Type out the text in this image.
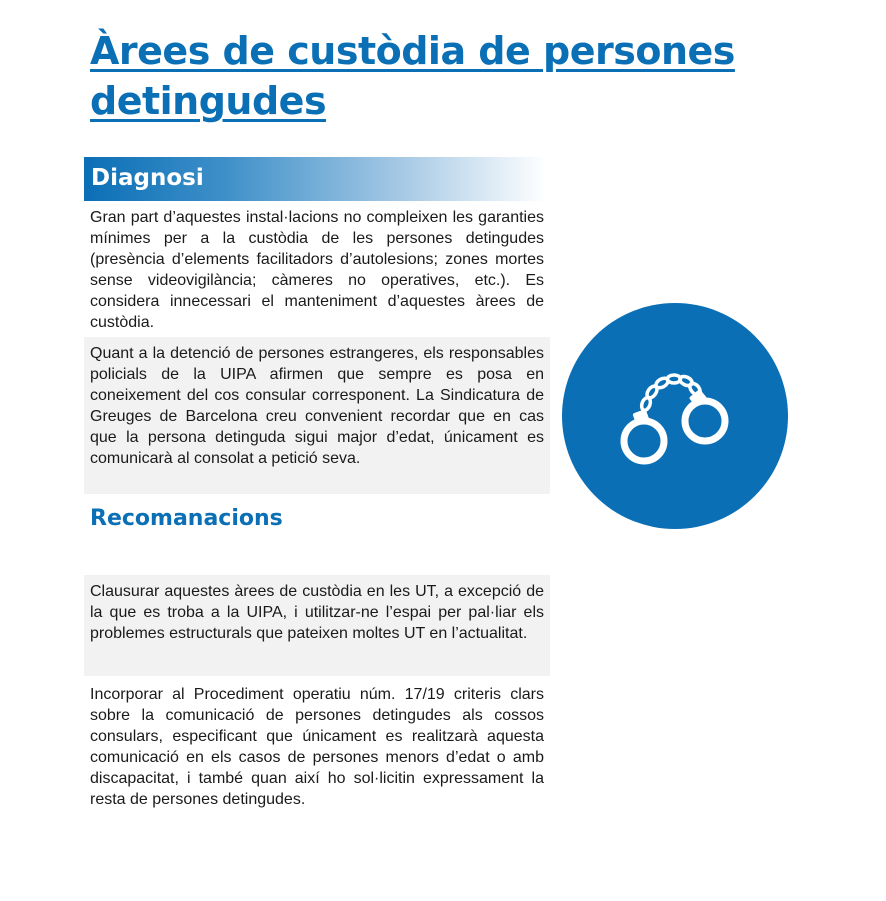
Àrees de custòdia de persones detingudes
Diagnosi

Gran part d’aquestes instal·lacions no compleixen les garanties mínimes per a la custòdia de les persones detingudes (presència d’elements facilitadors d’autolesions; zones mortes sense videovigilància; càmeres no operatives, etc.). Es considera innecessari el manteniment d’aquestes àrees de custòdia.

Quant a la detenció de persones estrangeres, els responsables policials de la UIPA afirmen que sempre es posa en coneixement del cos consular corresponent. La Sindicatura de Greuges de Barcelona creu convenient recordar que en cas que la persona detinguda sigui major d’edat, únicament es comunicarà al consolat a petició seva.

Recomanacions

Clausurar aquestes àrees de custòdia en les UT, a excepció de la que es troba a la UIPA, i utilitzar-ne l’espai per pal·liar els problemes estructurals que pateixen moltes UT en l’actualitat.

Incorporar al Procediment operatiu núm. 17/19 criteris clars sobre la comunicació de persones detingudes als cossos consulars, especificant que únicament es realitzarà aquesta comunicació en els casos de persones menors d’edat o amb discapacitat, i també quan així ho sol·licitin expressament la resta de persones detingudes.
